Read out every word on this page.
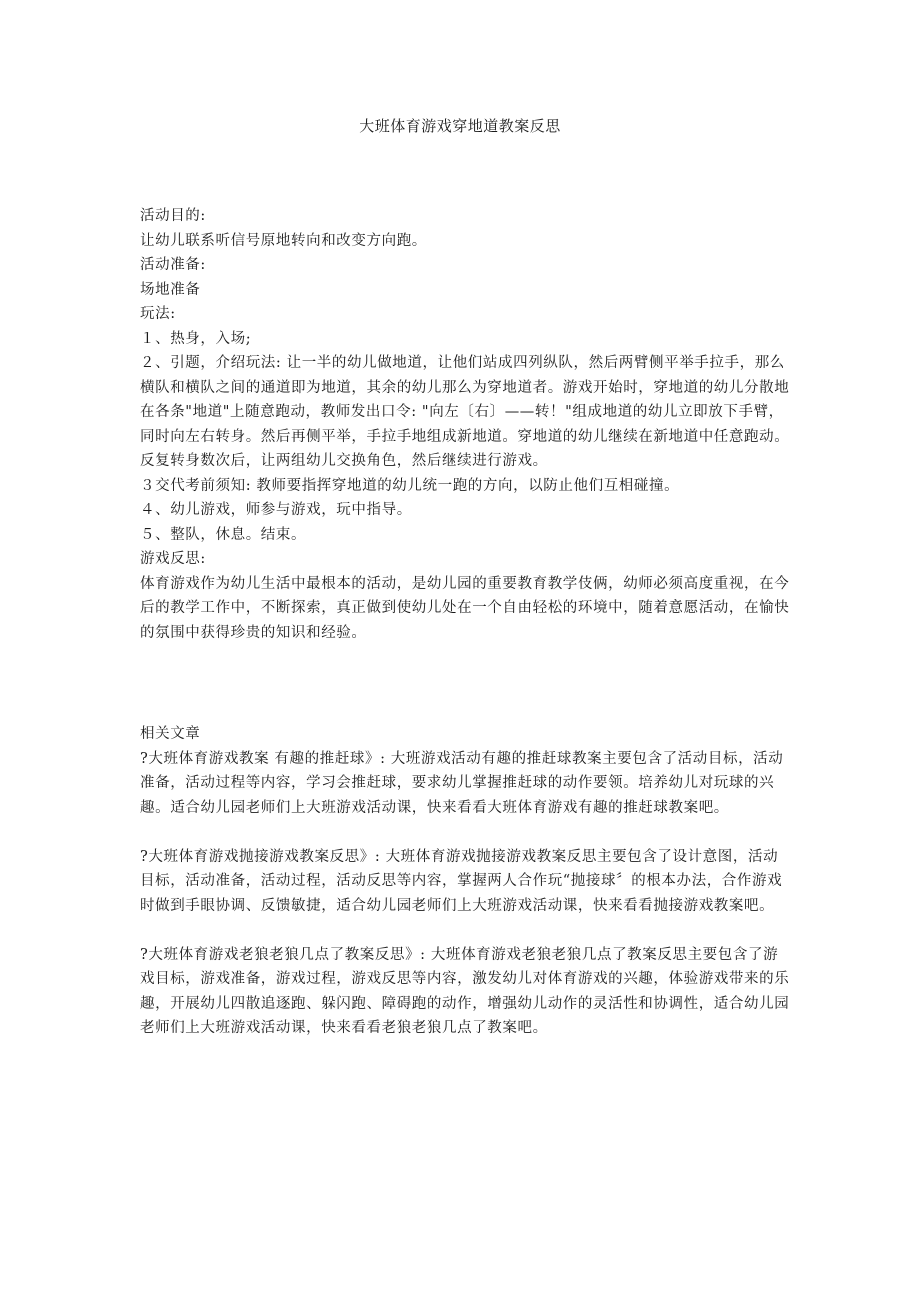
大班体育游戏穿地道教案反思

活动目的:

让幼儿联系听信号原地转向和改变方向跑。

活动准备:

场地准备

玩法:

１、热身，入场;

２、引题，介绍玩法: 让一半的幼儿做地道，让他们站成四列纵队，然后两臂侧平举手拉手，那么横队和横队之间的通道即为地道，其余的幼儿那么为穿地道者。游戏开始时，穿地道的幼儿分散地在各条"地道"上随意跑动，教师发出口令: "向左〔右〕——转！"组成地道的幼儿立即放下手臂，同时向左右转身。然后再侧平举，手拉手地组成新地道。穿地道的幼儿继续在新地道中任意跑动。反复转身数次后，让两组幼儿交换角色，然后继续进行游戏。

３交代考前须知: 教师要指挥穿地道的幼儿统一跑的方向，以防止他们互相碰撞。

４、幼儿游戏，师参与游戏，玩中指导。

５、整队，休息。结束。

游戏反思:

体育游戏作为幼儿生活中最根本的活动，是幼儿园的重要教育教学伎俩，幼师必须高度重视，在今后的教学工作中，不断探索，真正做到使幼儿处在一个自由轻松的环境中，随着意愿活动，在愉快的氛围中获得珍贵的知识和经验。

相关文章

?大班体育游戏教案 有趣的推赶球》: 大班游戏活动有趣的推赶球教案主要包含了活动目标，活动准备，活动过程等内容，学习会推赶球，要求幼儿掌握推赶球的动作要领。培养幼儿对玩球的兴趣。适合幼儿园老师们上大班游戏活动课，快来看看大班体育游戏有趣的推赶球教案吧。

?大班体育游戏抛接游戏教案反思》: 大班体育游戏抛接游戏教案反思主要包含了设计意图，活动目标，活动准备，活动过程，活动反思等内容，掌握两人合作玩“抛接球〞的根本办法，合作游戏时做到手眼协调、反馈敏捷，适合幼儿园老师们上大班游戏活动课，快来看看抛接游戏教案吧。

?大班体育游戏老狼老狼几点了教案反思》: 大班体育游戏老狼老狼几点了教案反思主要包含了游戏目标，游戏准备，游戏过程，游戏反思等内容，激发幼儿对体育游戏的兴趣，体验游戏带来的乐趣，开展幼儿四散追逐跑、躲闪跑、障碍跑的动作，增强幼儿动作的灵活性和协调性，适合幼儿园老师们上大班游戏活动课，快来看看老狼老狼几点了教案吧。
